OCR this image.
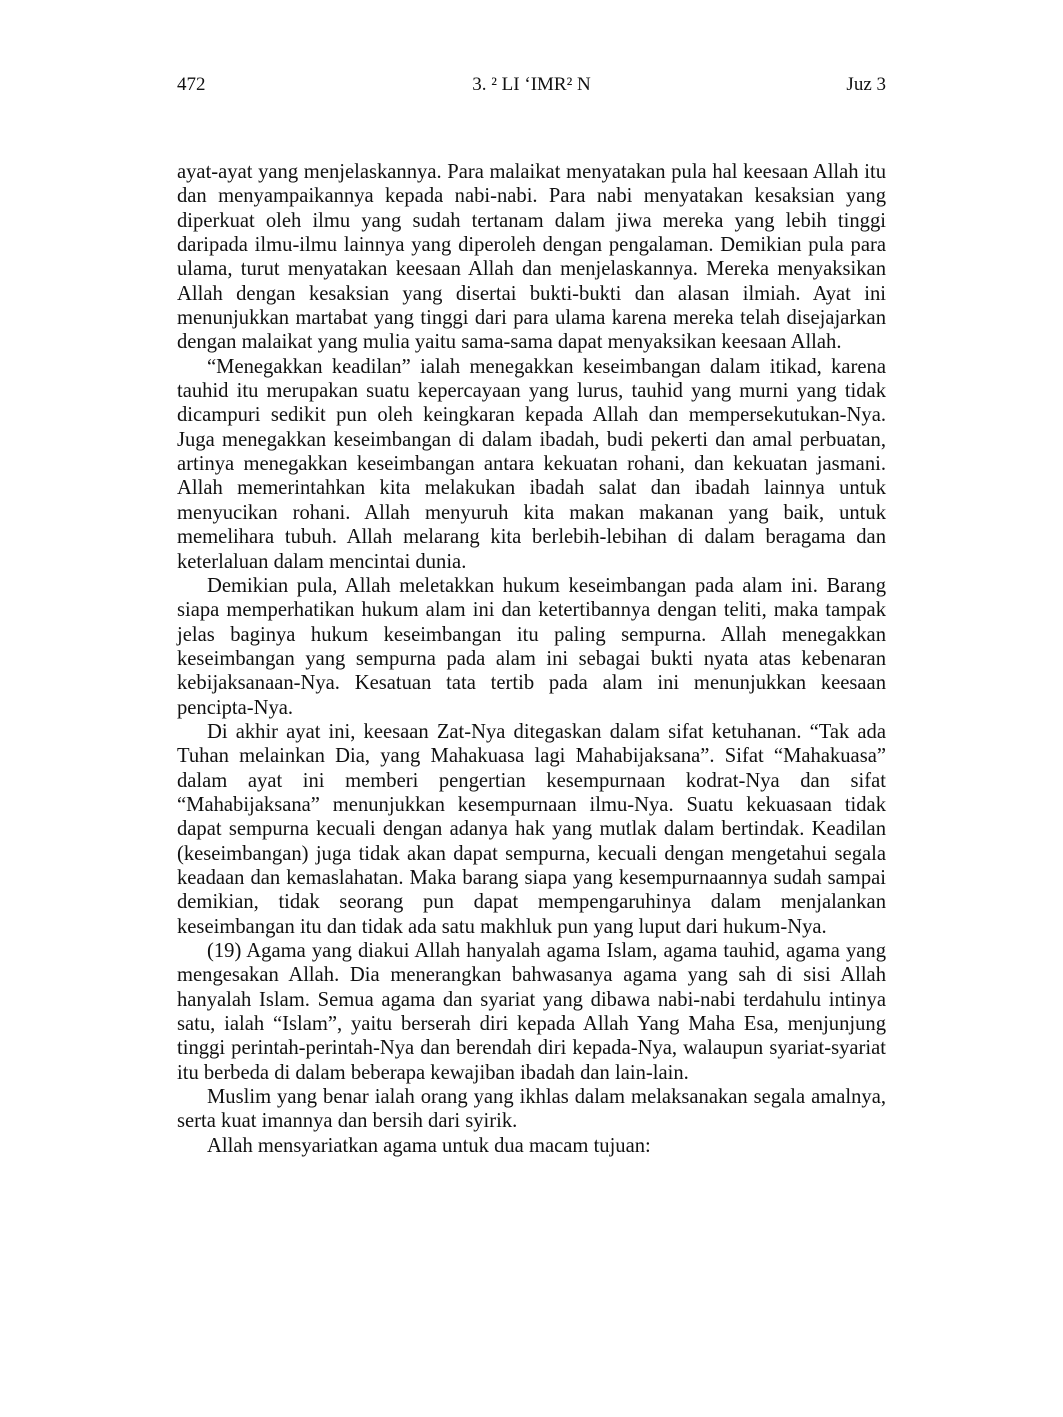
472	3. ² LI ‘IMR² N	Juz 3

ayat-ayat yang menjelaskannya. Para malaikat menyatakan pula hal keesaan Allah itu dan menyampaikannya kepada nabi-nabi. Para nabi menyatakan kesaksian yang diperkuat oleh ilmu yang sudah tertanam dalam jiwa mereka yang lebih tinggi daripada ilmu-ilmu lainnya yang diperoleh dengan pengalaman. Demikian pula para ulama, turut menyatakan keesaan Allah dan menjelaskannya. Mereka menyaksikan Allah dengan kesaksian yang disertai bukti-bukti dan alasan ilmiah. Ayat ini menunjukkan martabat yang tinggi dari para ulama karena mereka telah disejajarkan dengan malaikat yang mulia yaitu sama-sama dapat menyaksikan keesaan Allah.

“Menegakkan keadilan” ialah menegakkan keseimbangan dalam itikad, karena tauhid itu merupakan suatu kepercayaan yang lurus, tauhid yang murni yang tidak dicampuri sedikit pun oleh keingkaran kepada Allah dan mempersekutukan-Nya. Juga menegakkan keseimbangan di dalam ibadah, budi pekerti dan amal perbuatan, artinya menegakkan keseimbangan antara kekuatan rohani, dan kekuatan jasmani. Allah memerintahkan kita melakukan ibadah salat dan ibadah lainnya untuk menyucikan rohani. Allah menyuruh kita makan makanan yang baik, untuk memelihara tubuh. Allah melarang kita berlebih-lebihan di dalam beragama dan keterlaluan dalam mencintai dunia.

Demikian pula, Allah meletakkan hukum keseimbangan pada alam ini. Barang siapa memperhatikan hukum alam ini dan ketertibannya dengan teliti, maka tampak jelas baginya hukum keseimbangan itu paling sempurna. Allah menegakkan keseimbangan yang sempurna pada alam ini sebagai bukti nyata atas kebenaran kebijaksanaan-Nya. Kesatuan tata tertib pada alam ini menunjukkan keesaan pencipta-Nya.

Di akhir ayat ini, keesaan Zat-Nya ditegaskan dalam sifat ketuhanan. “Tak ada Tuhan melainkan Dia, yang Mahakuasa lagi Mahabijaksana”. Sifat “Mahakuasa” dalam ayat ini memberi pengertian kesempurnaan kodrat-Nya dan sifat “Mahabijaksana” menunjukkan kesempurnaan ilmu-Nya. Suatu kekuasaan tidak dapat sempurna kecuali dengan adanya hak yang mutlak dalam bertindak. Keadilan (keseimbangan) juga tidak akan dapat sempurna, kecuali dengan mengetahui segala keadaan dan kemaslahatan. Maka barang siapa yang kesempurnaannya sudah sampai demikian, tidak seorang pun dapat mempengaruhinya dalam menjalankan keseimbangan itu dan tidak ada satu makhluk pun yang luput dari hukum-Nya.

(19) Agama yang diakui Allah hanyalah agama Islam, agama tauhid, agama yang mengesakan Allah. Dia menerangkan bahwasanya agama yang sah di sisi Allah hanyalah Islam. Semua agama dan syariat yang dibawa nabi-nabi terdahulu intinya satu, ialah “Islam”, yaitu berserah diri kepada Allah Yang Maha Esa, menjunjung tinggi perintah-perintah-Nya dan berendah diri kepada-Nya, walaupun syariat-syariat itu berbeda di dalam beberapa kewajiban ibadah dan lain-lain.

Muslim yang benar ialah orang yang ikhlas dalam melaksanakan segala amalnya, serta kuat imannya dan bersih dari syirik.

Allah mensyariatkan agama untuk dua macam tujuan:
